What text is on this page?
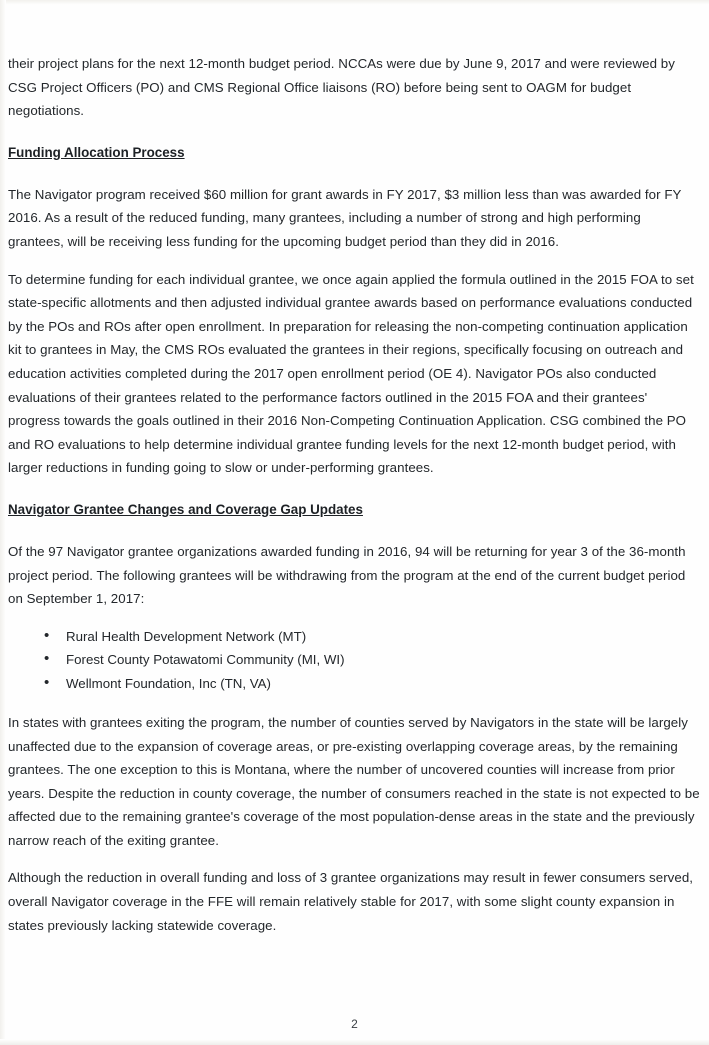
their project plans for the next 12-month budget period. NCCAs were due by June 9, 2017 and were reviewed by CSG Project Officers (PO) and CMS Regional Office liaisons (RO) before being sent to OAGM for budget negotiations.

Funding Allocation Process

The Navigator program received $60 million for grant awards in FY 2017, $3 million less than was awarded for FY 2016. As a result of the reduced funding, many grantees, including a number of strong and high performing grantees, will be receiving less funding for the upcoming budget period than they did in 2016.

To determine funding for each individual grantee, we once again applied the formula outlined in the 2015 FOA to set state-specific allotments and then adjusted individual grantee awards based on performance evaluations conducted by the POs and ROs after open enrollment. In preparation for releasing the non-competing continuation application kit to grantees in May, the CMS ROs evaluated the grantees in their regions, specifically focusing on outreach and education activities completed during the 2017 open enrollment period (OE 4). Navigator POs also conducted evaluations of their grantees related to the performance factors outlined in the 2015 FOA and their grantees' progress towards the goals outlined in their 2016 Non-Competing Continuation Application. CSG combined the PO and RO evaluations to help determine individual grantee funding levels for the next 12-month budget period, with larger reductions in funding going to slow or under-performing grantees.

Navigator Grantee Changes and Coverage Gap Updates

Of the 97 Navigator grantee organizations awarded funding in 2016, 94 will be returning for year 3 of the 36-month project period. The following grantees will be withdrawing from the program at the end of the current budget period on September 1, 2017:

• Rural Health Development Network (MT)
• Forest County Potawatomi Community (MI, WI)
• Wellmont Foundation, Inc (TN, VA)

In states with grantees exiting the program, the number of counties served by Navigators in the state will be largely unaffected due to the expansion of coverage areas, or pre-existing overlapping coverage areas, by the remaining grantees. The one exception to this is Montana, where the number of uncovered counties will increase from prior years. Despite the reduction in county coverage, the number of consumers reached in the state is not expected to be affected due to the remaining grantee's coverage of the most population-dense areas in the state and the previously narrow reach of the exiting grantee.

Although the reduction in overall funding and loss of 3 grantee organizations may result in fewer consumers served, overall Navigator coverage in the FFE will remain relatively stable for 2017, with some slight county expansion in states previously lacking statewide coverage.

2
